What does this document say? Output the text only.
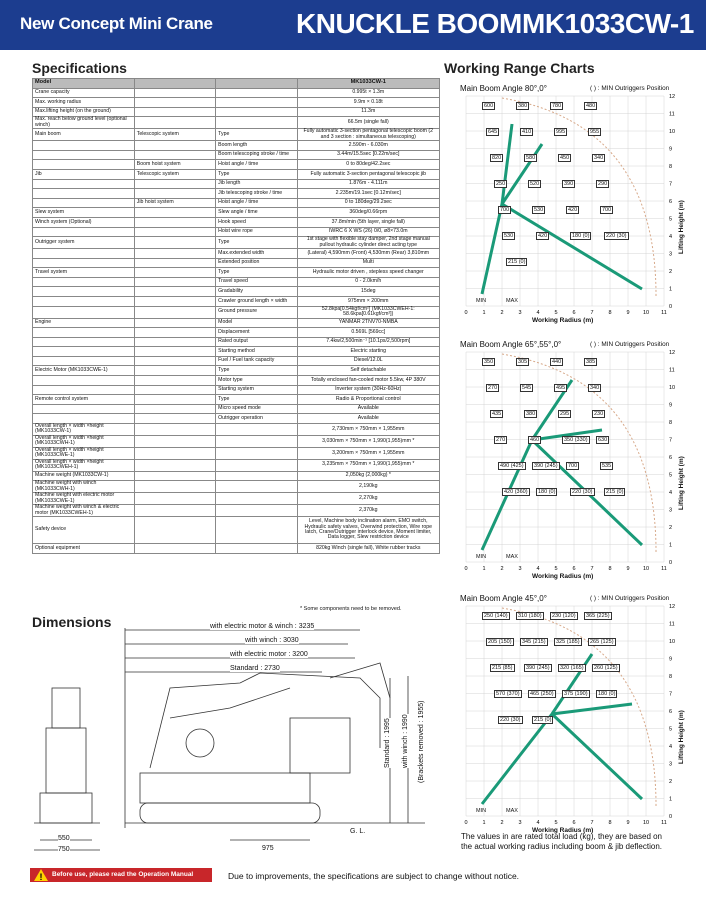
New Concept Mini Crane	KNUCKLE BOOM MK1033CW-1
Specifications	Working Range Charts
Dimensions
Model			MK1033CW-1
Crane capacity			0.995t × 1.3m
Max. working radius			9.9m × 0.18t
Max.lifting height (on the ground)			11.3m
Max. reach below ground level (optional winch)			66.5m (single fall)
Main boom	Telescopic system	Type	Fully automatic 3-section pentagonal telescopic boom (2 and 3 section : simultaneous telescoping)
		Boom length	2.590m - 6.030m
		Boom telescoping stroke / time	3.44m/15.5sec [0.22m/sec]
	Boom hoist system	Hoist angle / time	0 to 80deg/42.2sec
Jib	Telescopic system	Type	Fully automatic 3-section pentagonal telescopic jib
		Jib length	1.876m - 4.111m
		Jib telescoping stroke / time	2.235m/19.1sec [0.12m/sec]
	Jib hoist system	Hoist angle / time	0 to 180deg/29.2sec
Slew system		Slew angle / time	360deg/0.66rpm
Winch system (Optional)		Hook speed	37.8m/min (5th layer, single fall)
		Hoist wire rope	IWRC 6 X WS (26) 0/0, ø8×73.0m
Outrigger system		Type	1st stage with flexible stay damper, 2nd stage manual pullout hydraulic cylinder direct acting type
		Max.extended width	(Lateral) 4,590mm (Front) 4,530mm (Rear) 3,810mm
		Extended position	Multi
Travel system		Type	Hydraulic motor driven , stepless speed changer
		Travel speed	0 - 2.0km/h
		Gradability	15deg
		Crawler ground length × width	975mm × 200mm
		Ground pressure	52.8kpa[0.54kgf/cm²] (MK1033CWEH-1: 58.6kpa[0.61kgf/cm²])
Engine		Model	YANMAR 2TNV70-NMBA
		Displacement	0.569L [569cc]
		Rated output	7.4kw/2,500min⁻¹ [10.1ps/2,500rpm]
		Starting method	Electric starting
		Fuel / Fuel tank capacity	Diesel/12.0L
Electric Motor (MK1033CWE-1)		Type	Self detachable
		Motor type	Totally enclosed fan-cooled motor 5.5kw, 4P 380V
		Starting system	Inverter system (30Hz-60Hz)
Remote control system		Type	Radio & Proportional control
		Micro speed mode	Available
		Outrigger operation	Available
Overall length × width ×height (MK1033CW-1)			2,730mm × 750mm × 1,955mm
Overall length × width ×height (MK1033CWH-1)			3,030mm × 750mm × 1,990(1,955)mm *
Overall length × width ×height (MK1033CWE-1)			3,200mm × 750mm × 1,955mm
Overall length × width ×height (MK1033CWEH-1)			3,235mm × 750mm × 1,990(1,955)mm *
Machine weight (MK1033CW-1)			2,050kg (2,000kg) *
Machine weight with winch (MK1033CWH-1)			2,190kg
Machine weight with electric motor (MK1033CWE-1)			2,270kg
Machine weight with winch & electric motor (MK1033CWEH-1)			2,370kg
Safety device			Level, Machine body inclination alarm, EMO switch, Hydraulic safety valves, Overwind protection, Wire rope latch, Crane/Outrigger interlock device, Moment limiter, Data logger, Slew restriction device
Optional equipment			820kg Winch (single fall), White rubber tracks
* Some components need to be removed.
with electric motor & winch : 3235
with winch : 3030
with electric motor : 3200
Standard : 2730
Standard : 1995 with winch : 1990 (Brackets removed : 1955)
550
750	975
G. L.
Main Boom Angle 80°,0°	( ) : MIN Outriggers Position
0	1	2	3	4	5	6	7	8	9 10 11
0
1
2
3
4
5
6
7
8
9
10
11
12
600	380	780	480
645	410	995	955
820	580	450	340
250	520	390	290
700	530	420	700
530	420	180 (0)	220 (30)
215 (0)
Working Radius (m)
Lifting Height (m)
MIN	MAX
Main Boom Angle 65°,55°,0°	( ) : MIN Outriggers Position
0	1	2	3	4	5	6	7	8	9 10 11
0
1
2
3
4
5
6
7
8
9
10
11
12
350	305	440	385
270	545	495	340
435	380	295	230
270	460	350 (330)	630
490 (425)	390 (245)	700	535
420 (360)	180 (0)	220 (30)	215 (0)
Working Radius (m)
Lifting Height (m)
MIN	MAX
Main Boom Angle 45°,0°	( ) : MIN Outriggers Position
0	1	2	3	4	5	6	7	8	9 10 11
0
1
2
3
4
5
6
7
8
9
10
11
12
250 (140)	310 (180)	230 (120)	365 (225)
205 (150)	345 (215)	325 (185)	265 (125)
215 (85)	390 (245)	320 (165)	260 (125)
570 (370)	465 (250)	375 (190)	180 (0)
220 (30)	215 (0)
Working Radius (m)
Lifting Height (m)
MIN	MAX
The values in are rated total load (kg), they are based on the actual working radius including boom & jib deflection.
! Before use, please read the Operation Manual	Due to improvements, the specifications are subject to change without notice.
